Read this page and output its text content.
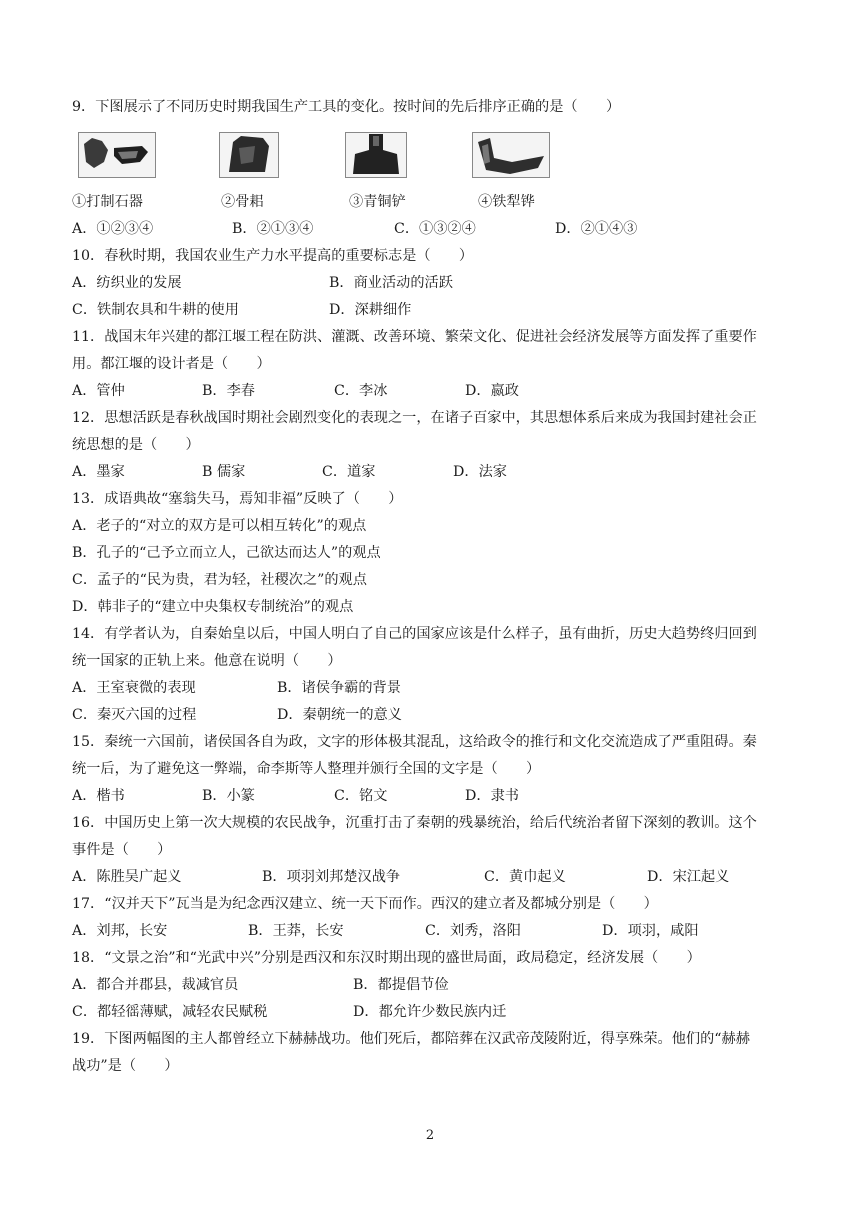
9．下图展示了不同历史时期我国生产工具的变化。按时间的先后排序正确的是（　　）
①打制石器	②骨耜	③青铜铲	④铁犁铧
A．①②③④	B．②①③④	C．①③②④	D．②①④③
10．春秋时期，我国农业生产力水平提高的重要标志是（　　）
A．纺织业的发展	B．商业活动的活跃
C．铁制农具和牛耕的使用	D．深耕细作
11．战国末年兴建的都江堰工程在防洪、灌溉、改善环境、繁荣文化、促进社会经济发展等方面发挥了重要作
用。都江堰的设计者是（　　）
A．管仲	B．李春	C．李冰	D．嬴政
12．思想活跃是春秋战国时期社会剧烈变化的表现之一，在诸子百家中，其思想体系后来成为我国封建社会正
统思想的是（　　）
A．墨家	B 儒家	C．道家	D．法家
13．成语典故“塞翁失马，焉知非福”反映了（　　）
A．老子的“对立的双方是可以相互转化”的观点
B．孔子的“己予立而立人，己欲达而达人”的观点
C．孟子的“民为贵，君为轻，社稷次之”的观点
D．韩非子的“建立中央集权专制统治”的观点
14．有学者认为，自秦始皇以后，中国人明白了自己的国家应该是什么样子，虽有曲折，历史大趋势终归回到
统一国家的正轨上来。他意在说明（　　）
A．王室衰微的表现	B．诸侯争霸的背景
C．秦灭六国的过程	D．秦朝统一的意义
15．秦统一六国前，诸侯国各自为政，文字的形体极其混乱，这给政令的推行和文化交流造成了严重阻碍。秦
统一后，为了避免这一弊端，命李斯等人整理并颁行全国的文字是（　　）
A．楷书	B．小篆	C．铭文	D．隶书
16．中国历史上第一次大规模的农民战争，沉重打击了秦朝的残暴统治，给后代统治者留下深刻的教训。这个
事件是（　　）
A．陈胜吴广起义	B．项羽刘邦楚汉战争	C．黄巾起义	D．宋江起义
17．“汉并天下”瓦当是为纪念西汉建立、统一天下而作。西汉的建立者及都城分别是（　　）
A．刘邦，长安	B．王莽，长安	C．刘秀，洛阳	D．项羽，咸阳
18．“文景之治”和“光武中兴”分别是西汉和东汉时期出现的盛世局面，政局稳定，经济发展（　　）
A．都合并郡县，裁减官员	B．都提倡节俭
C．都轻徭薄赋，减轻农民赋税	D．都允许少数民族内迁
19．下图两幅图的主人都曾经立下赫赫战功。他们死后，都陪葬在汉武帝茂陵附近，得享殊荣。他们的“赫赫
战功”是（　　）
2
